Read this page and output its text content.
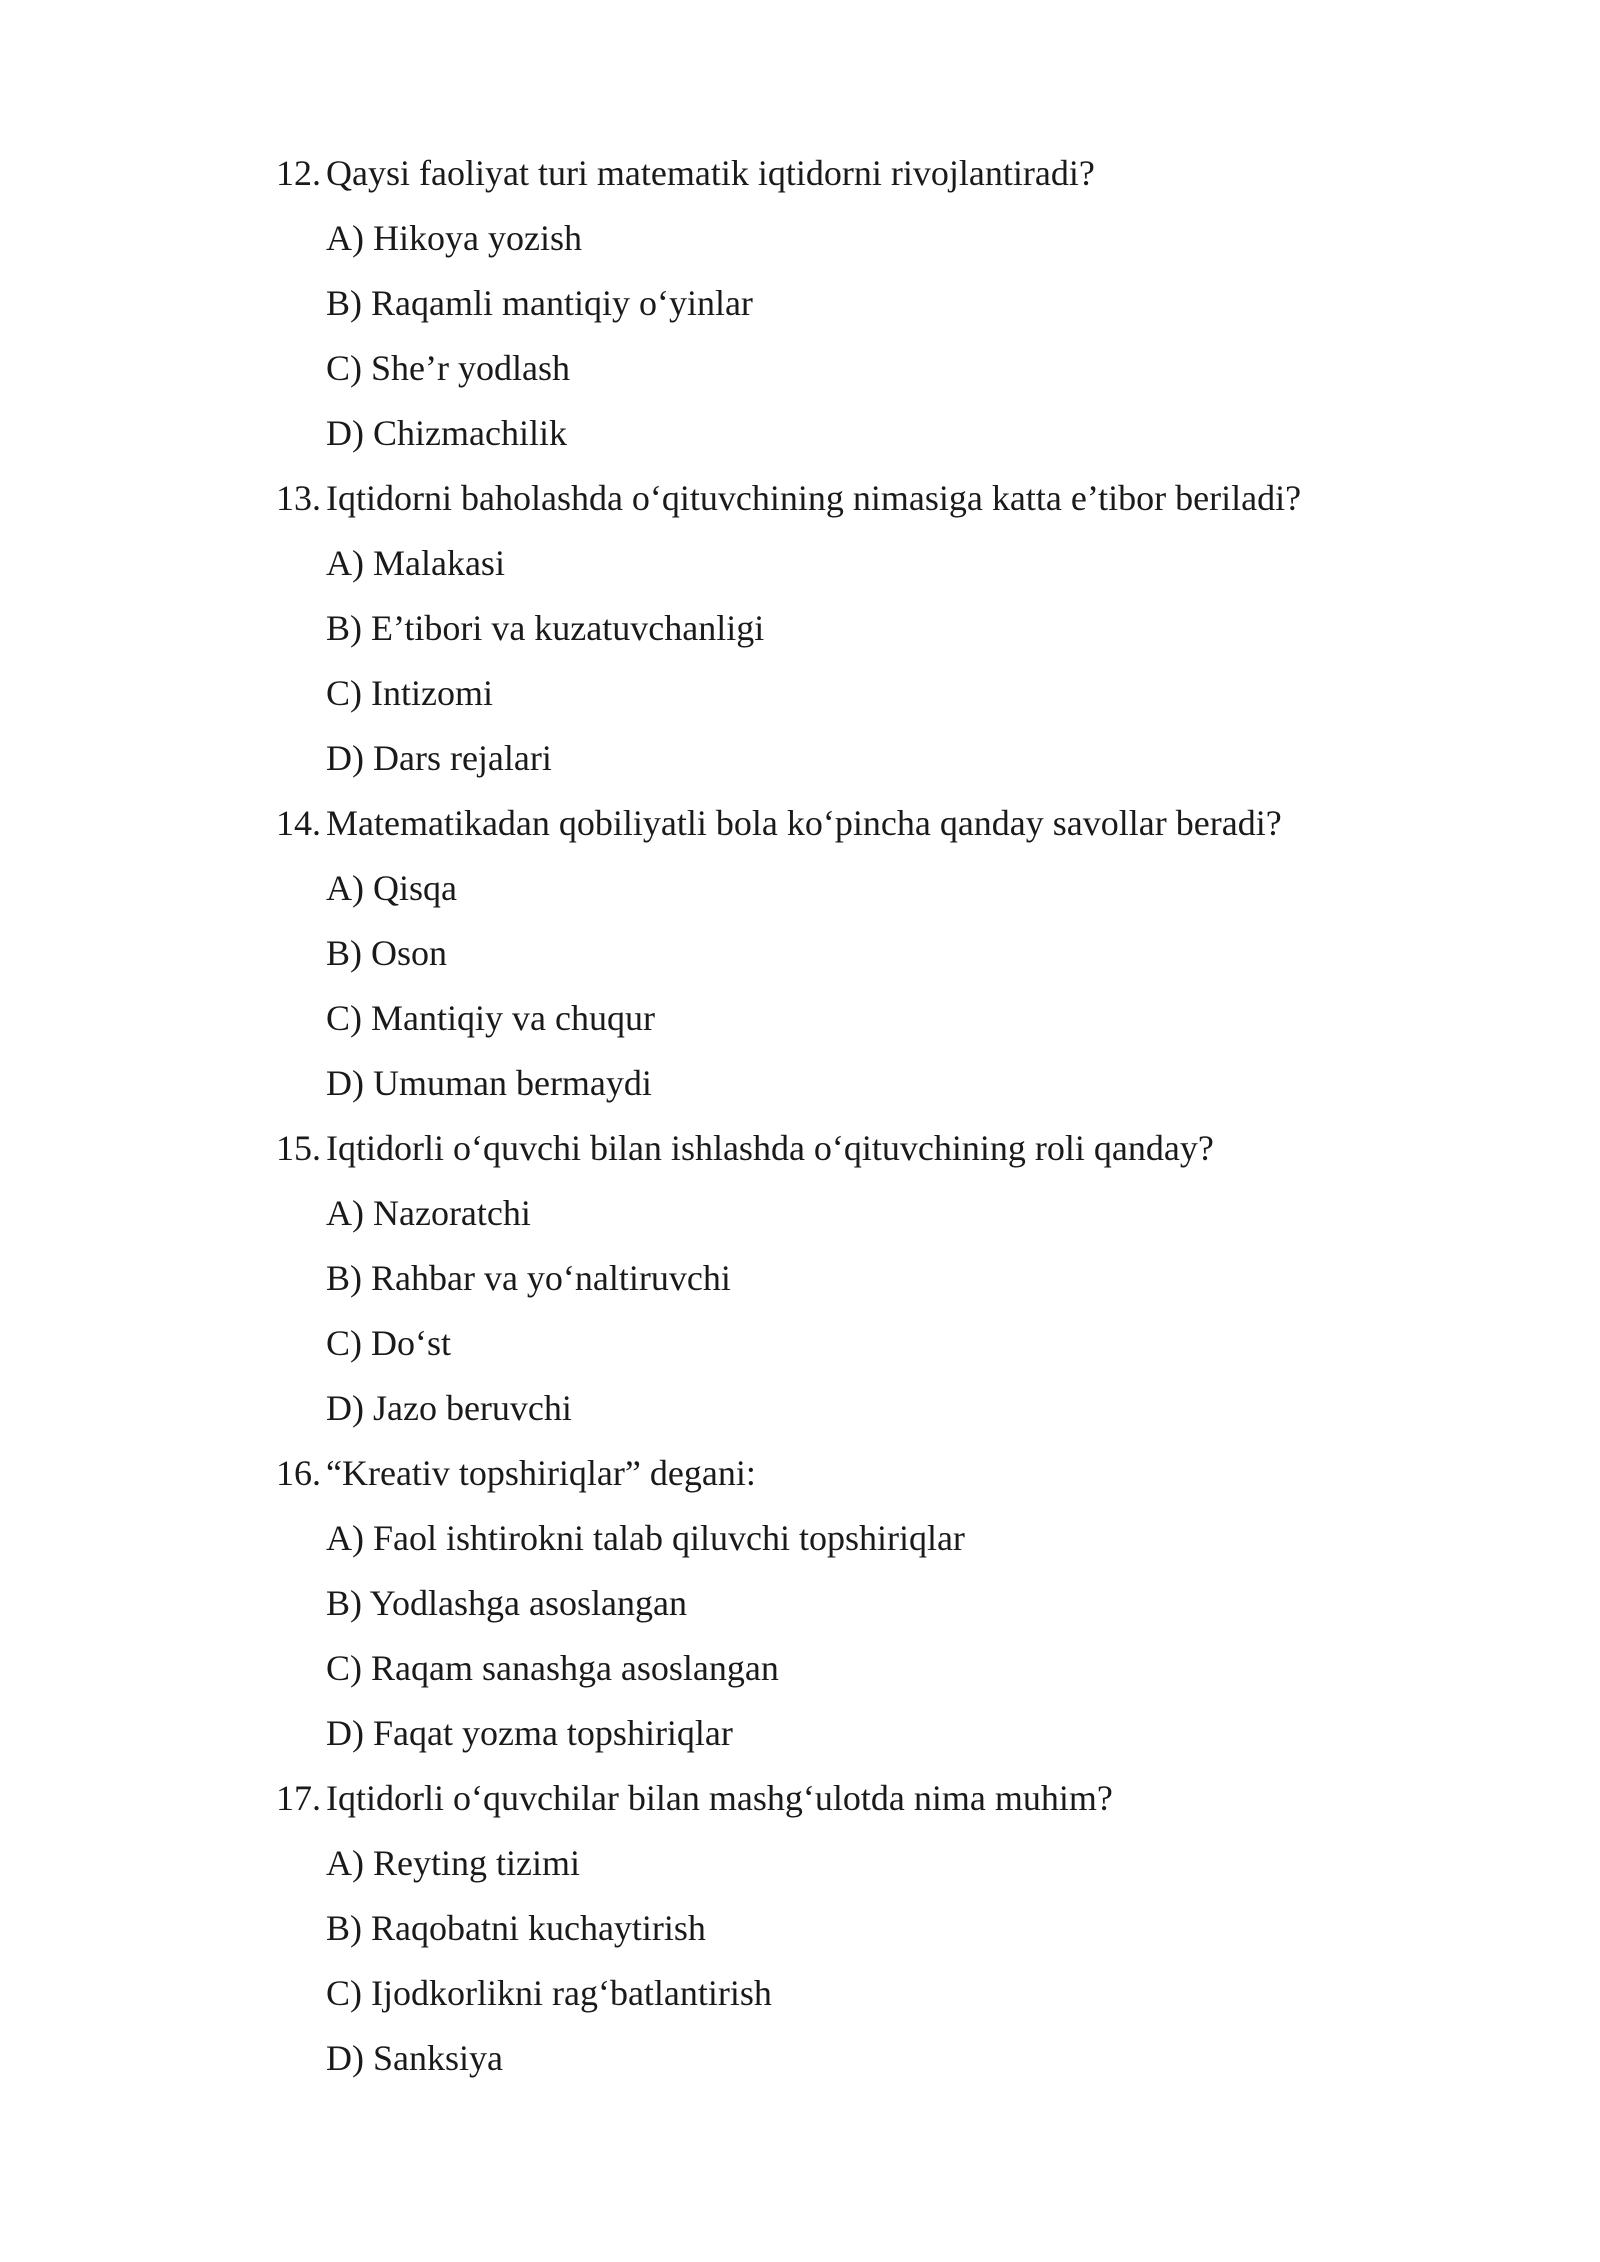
12. Qaysi faoliyat turi matematik iqtidorni rivojlantiradi?
A) Hikoya yozish
B) Raqamli mantiqiy o‘yinlar
C) She’r yodlash
D) Chizmachilik
13. Iqtidorni baholashda o‘qituvchining nimasiga katta e’tibor beriladi?
A) Malakasi
B) E’tibori va kuzatuvchanligi
C) Intizomi
D) Dars rejalari
14. Matematikadan qobiliyatli bola ko‘pincha qanday savollar beradi?
A) Qisqa
B) Oson
C) Mantiqiy va chuqur
D) Umuman bermaydi
15. Iqtidorli o‘quvchi bilan ishlashda o‘qituvchining roli qanday?
A) Nazoratchi
B) Rahbar va yo‘naltiruvchi
C) Do‘st
D) Jazo beruvchi
16. “Kreativ topshiriqlar” degani:
A) Faol ishtirokni talab qiluvchi topshiriqlar
B) Yodlashga asoslangan
C) Raqam sanashga asoslangan
D) Faqat yozma topshiriqlar
17. Iqtidorli o‘quvchilar bilan mashg‘ulotda nima muhim?
A) Reyting tizimi
B) Raqobatni kuchaytirish
C) Ijodkorlikni rag‘batlantirish
D) Sanksiya
